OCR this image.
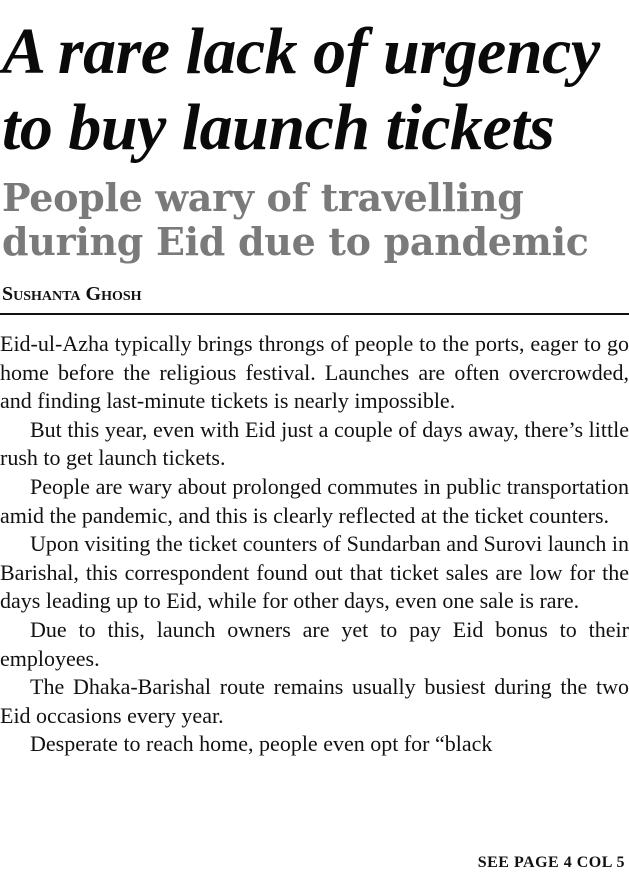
A rare lack of urgency to buy launch tickets
People wary of travelling during Eid due to pandemic
Sushanta Ghosh

Eid-ul-Azha typically brings throngs of people to the ports, eager to go home before the religious festival. Launches are often overcrowded, and finding last-minute tickets is nearly impossible.

But this year, even with Eid just a couple of days away, there’s little rush to get launch tickets.

People are wary about prolonged commutes in public transportation amid the pandemic, and this is clearly reflected at the ticket counters.

Upon visiting the ticket counters of Sundarban and Surovi launch in Barishal, this correspondent found out that ticket sales are low for the days leading up to Eid, while for other days, even one sale is rare.

Due to this, launch owners are yet to pay Eid bonus to their employees.

The Dhaka-Barishal route remains usually busiest during the two Eid occasions every year.

Desperate to reach home, people even opt for “black

SEE PAGE 4 COL 5
